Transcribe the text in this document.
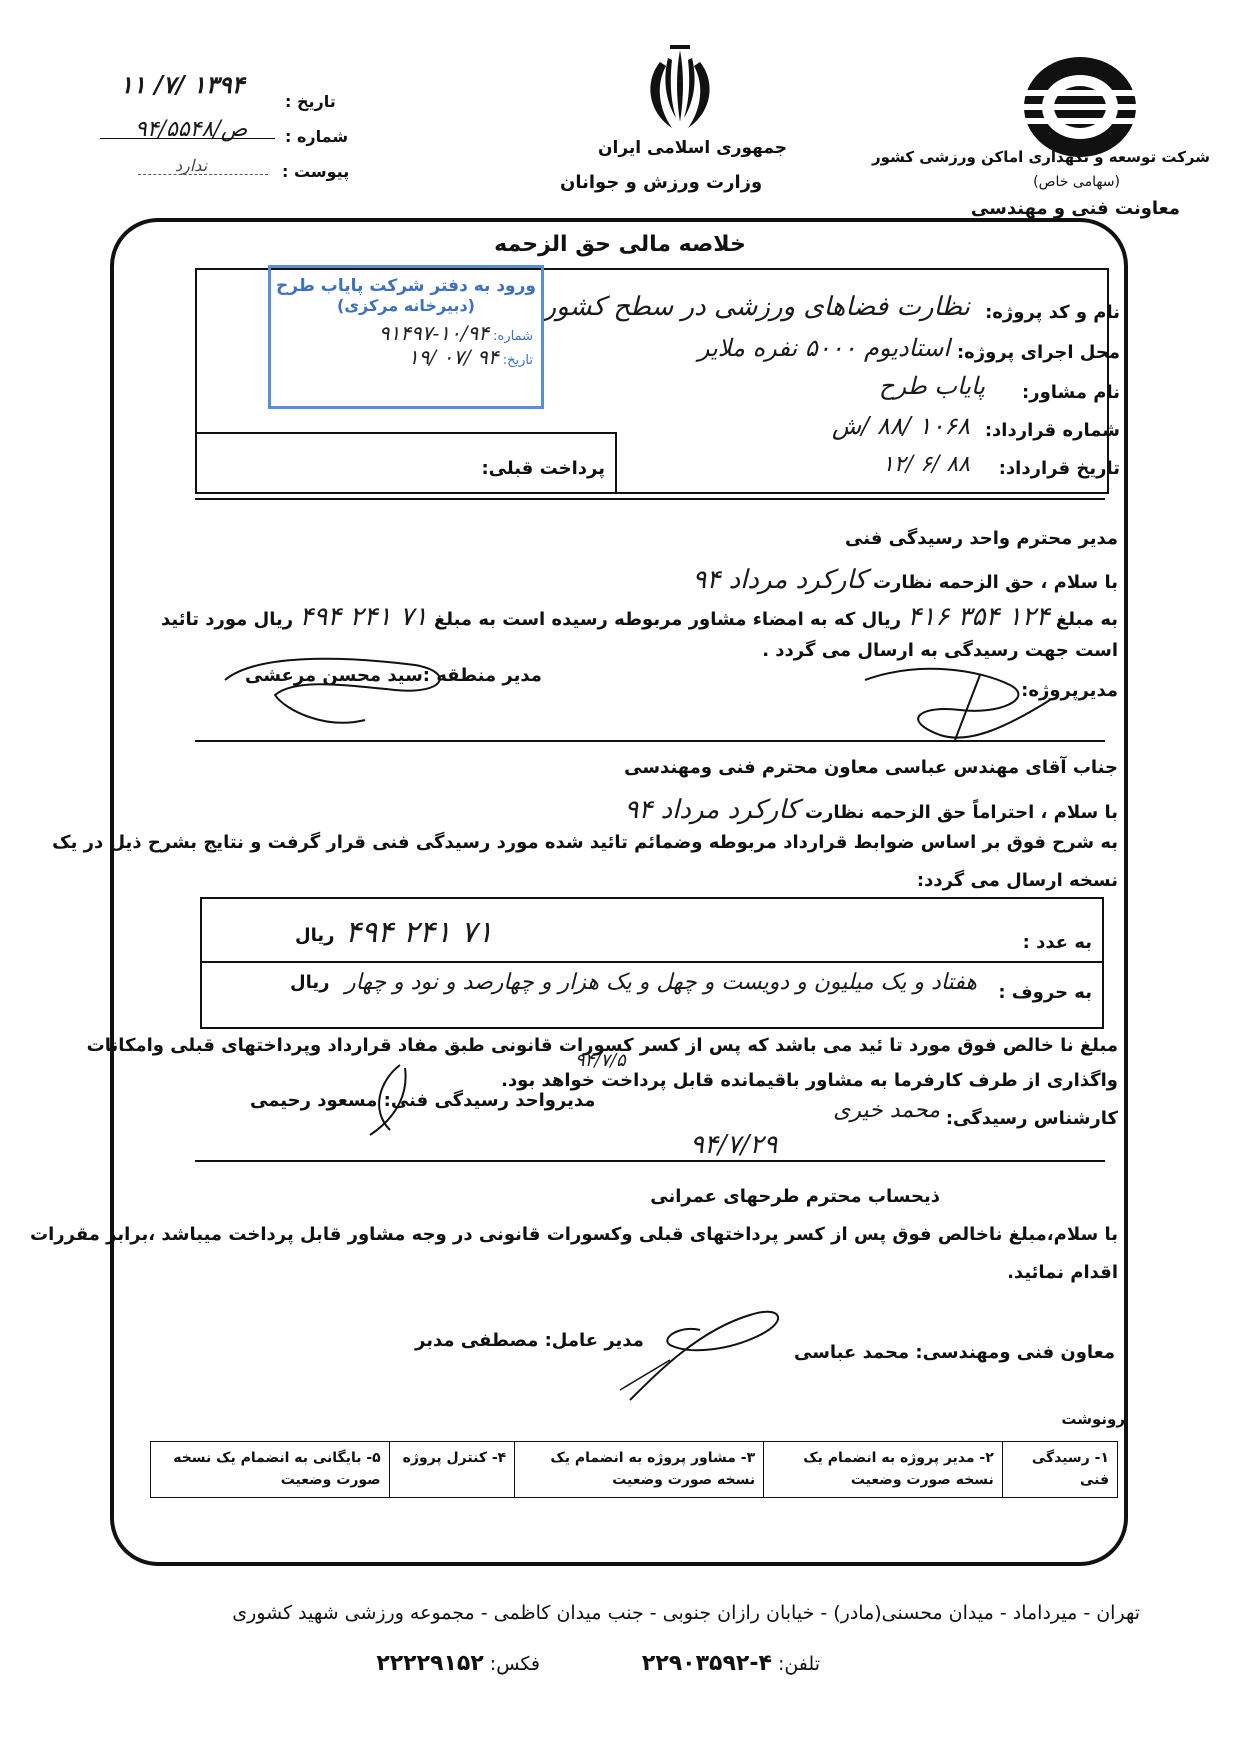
شرکت توسعه و نگهداری اماکن ورزشی کشور
(سهامی خاص)
معاونت فنی و مهندسی
جمهوری اسلامی ایران
وزارت ورزش و جوانان
تاریخ :
۱۳۹۴ /۷/ ۱۱
شماره :
ص/۹۴/۵۵۴۸
پیوست :
ندارد
خلاصه مالی حق الزحمه
نام و کد پروژه:
نظارت فضاهای ورزشی در سطح کشور
محل اجرای پروژه:
استادیوم ۵۰۰۰ نفره ملایر
نام مشاور:
پایاب طرح
شماره قرارداد:
۱۰۶۸ /۸۸ /ش
تاریخ قرارداد:
۸۸ /۶ /۱۲
پرداخت قبلی:
ورود به دفتر شرکت پایاب طرح
(دبیرخانه مرکزی)
شماره: ۱۰/۹۴-۹۱۴۹۷
تاریخ: ۹۴ /۰۷ /۱۹
مدیر محترم واحد رسیدگی فنی
با سلام ، حق الزحمه نظارت کارکرد مرداد ۹۴
به مبلغ ۱۲۴ ۳۵۴ ۴۱۶ ریال که به امضاء مشاور مربوطه رسیده است به مبلغ ۷۱ ۲۴۱ ۴۹۴ ریال مورد تائید
است جهت رسیدگی به ارسال می گردد .
مدیر منطقه :سید محسن مرعشی
مدیرپروژه:
جناب آقای مهندس عباسی معاون محترم فنی ومهندسی
با سلام ، احتراماً حق الزحمه نظارت کارکرد مرداد ۹۴
به شرح فوق بر اساس ضوابط قرارداد مربوطه وضمائم تائید شده مورد رسیدگی فنی قرار گرفت و نتایج بشرح ذیل در یک
نسخه ارسال می گردد:
به عدد :
۷۱ ۲۴۱ ۴۹۴
ریال
به حروف :
هفتاد و یک میلیون و دویست و چهل و یک هزار و چهارصد و نود و چهار
ریال
مبلغ نا خالص فوق مورد تا ئید می باشد که پس از کسر کسورات قانونی طبق مفاد قرارداد وپرداختهای قبلی وامکانات
واگذاری از طرف کارفرما به مشاور باقیمانده قابل پرداخت خواهد بود.
کارشناس رسیدگی:
محمد خیری
۹۴/۷/۲۹
مدیرواحد رسیدگی فنی: مسعود رحیمی
۹۴/۷/۵
ذیحساب محترم طرحهای عمرانی
با سلام،مبلغ ناخالص فوق پس از کسر پرداختهای قبلی وکسورات قانونی در وجه مشاور قابل پرداخت میباشد ،برابر مقررات
اقدام نمائید.
معاون فنی ومهندسی: محمد عباسی
مدیر عامل: مصطفی مدبر
رونوشت
۱- رسیدگی فنی	۲- مدیر پروژه به انضمام یک نسخه صورت وضعیت	۳- مشاور پروژه به انضمام یک نسخه صورت وضعیت	۴- کنترل پروژه	۵- بایگانی به انضمام یک نسخه صورت وضعیت
تهران - میرداماد - میدان محسنی(مادر) - خیابان رازان جنوبی - جنب میدان کاظمی - مجموعه ورزشی شهید کشوری
تلفن: ۴-۲۲۹۰۳۵۹۲
فکس: ۲۲۲۲۹۱۵۲
